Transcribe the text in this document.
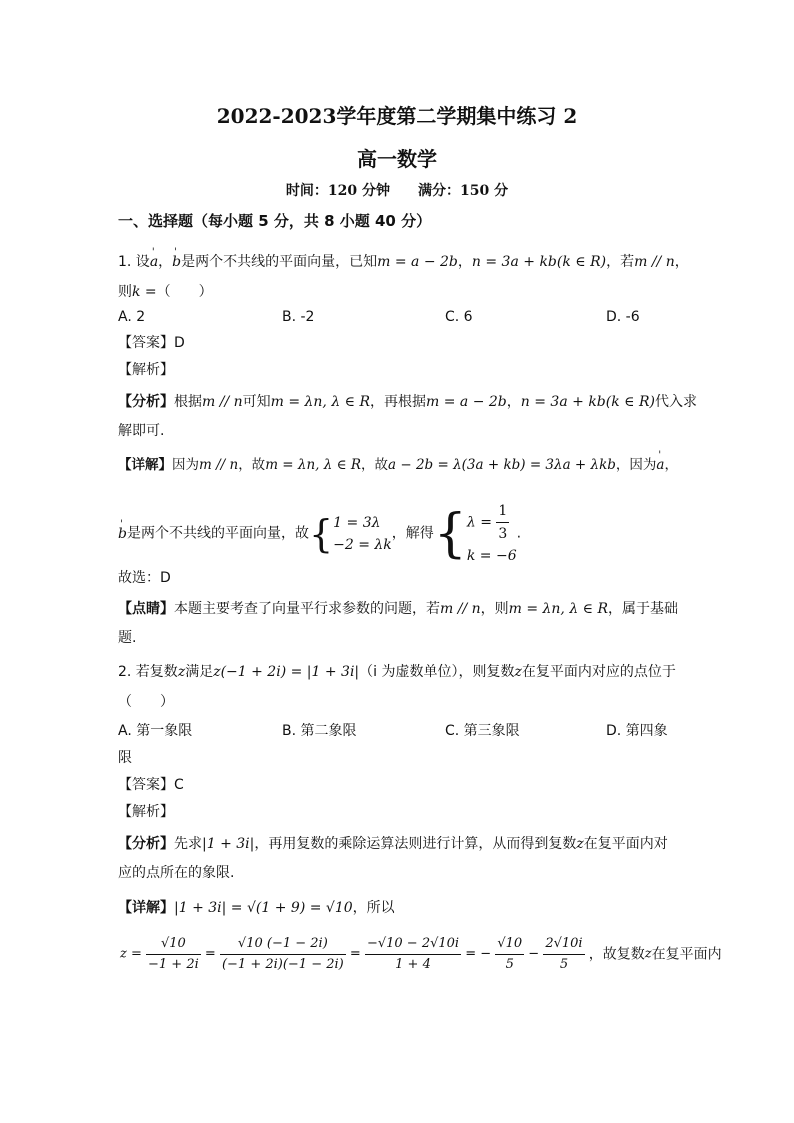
2022-2023学年度第二学期集中练习 2
高一数学
时间：120 分钟　　满分：150 分
一、选择题（每小题 5 分，共 8 小题 40 分）
1. 设' a，' b是两个不共线的平面向量，已知m = a − 2b，n = 3a + kb(k ∈ R)，若m // n，
则k =（　　）
A. 2	B. -2	C. 6	D. -6
【答案】D
【解析】
【分析】根据m // n可知m = λn, λ ∈ R，再根据m = a − 2b，n = 3a + kb(k ∈ R)代入求
解即可.
【详解】因为m // n，故m = λn, λ ∈ R，故a − 2b = λ(3a + kb) = 3λa + λkb，因为' a，
' b是两个不共线的平面向量，故{ 1 = 3λ
−2 = λk
，解得{ $\lambda = \frac{1}{3}$
k = −6
.
故选：D
【点睛】本题主要考查了向量平行求参数的问题，若m // n，则m = λn, λ ∈ R，属于基础
题.
2. 若复数z满足z(−1 + 2i) = |1 + 3i|（i 为虚数单位），则复数z在复平面内对应的点位于
（　　）
A. 第一象限	B. 第二象限	C. 第三象限	D. 第四象
限
【答案】C
【解析】
【分析】先求|1 + 3i|，再用复数的乘除运算法则进行计算，从而得到复数z在复平面内对
应的点所在的象限.
【详解】|1 + 3i| = √(1 + 9) = √10，所以
$z = \frac{√10}{-1 + 2i} = \frac{√10 (-1 - 2i)}{(-1 + 2i)(-1 - 2i)} = \frac{-√10 - 2√10i}{1 + 4}$ = − $\frac{√10}{5} - \frac{2√10i}{5}$ ，故复数z在复平面内
